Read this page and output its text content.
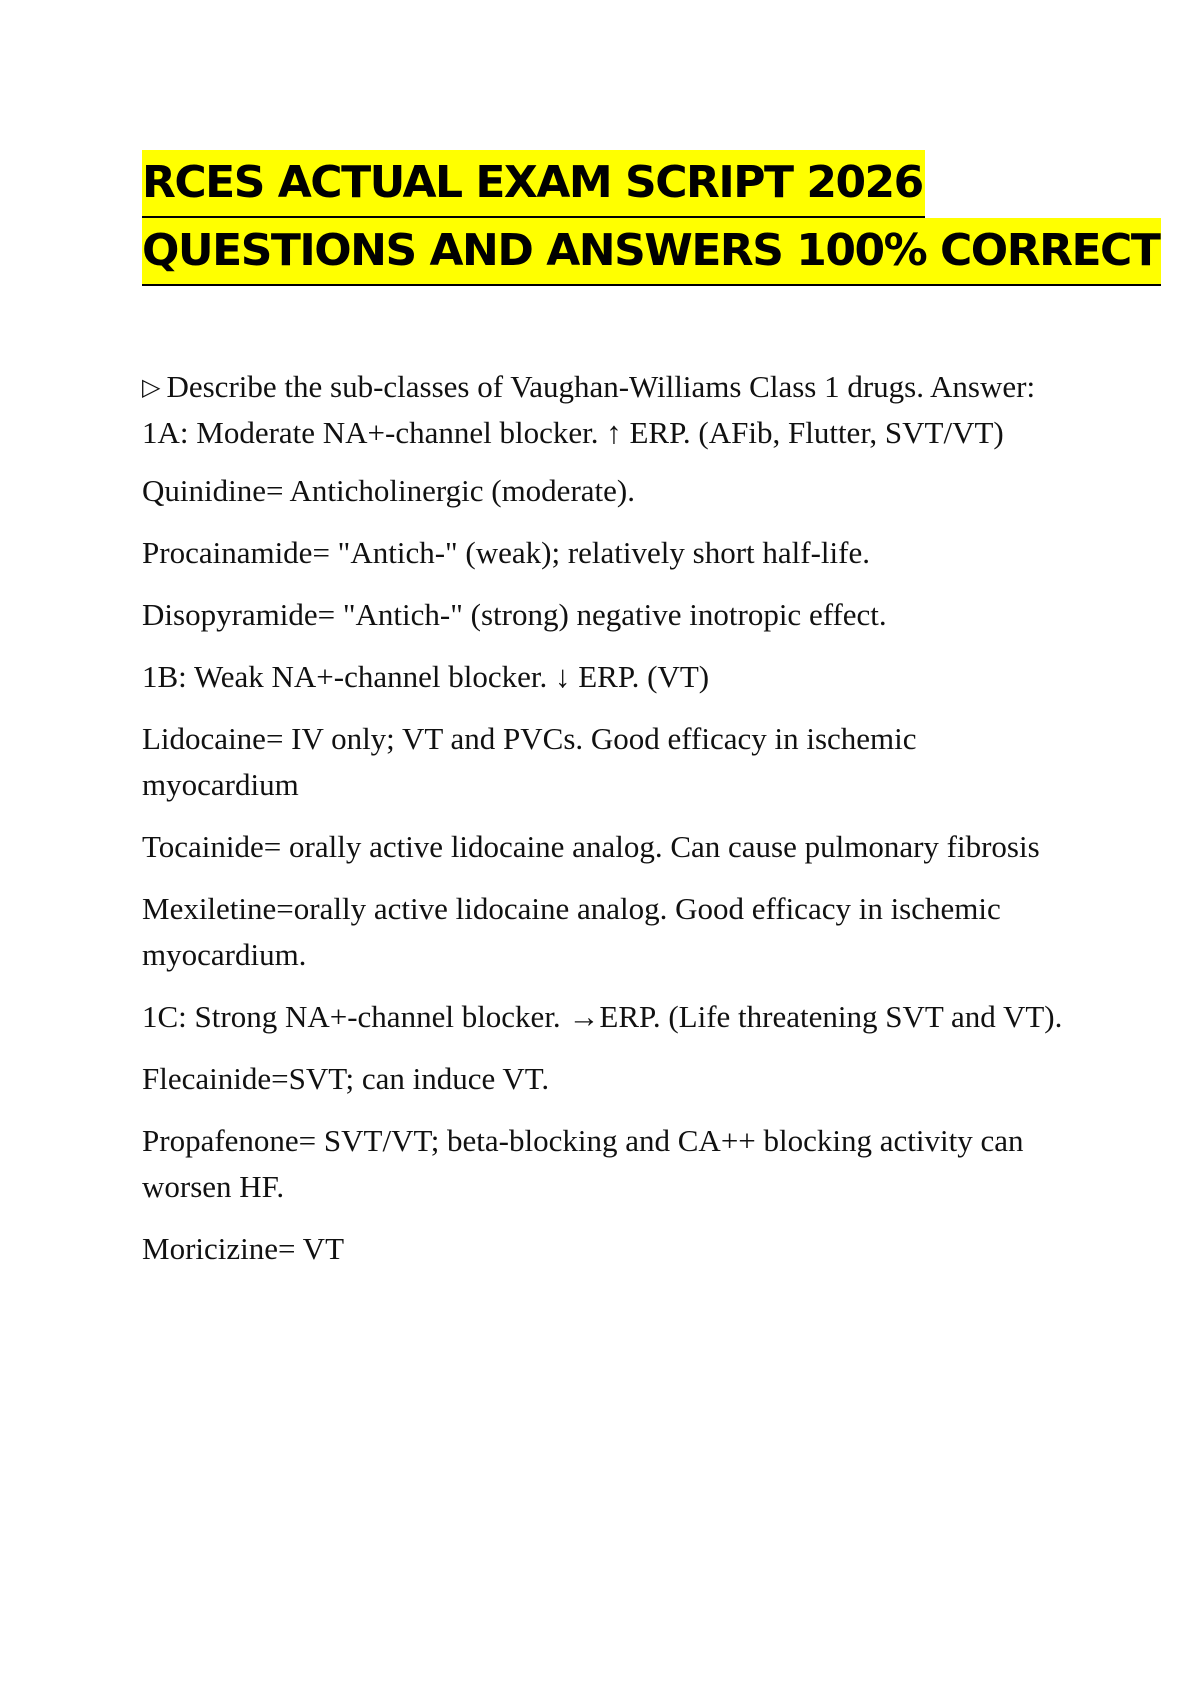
RCES ACTUAL EXAM SCRIPT 2026
QUESTIONS AND ANSWERS 100% CORRECT
▷ Describe the sub-classes of Vaughan-Williams Class 1 drugs. Answer:
1A: Moderate NA+-channel blocker. ↑ ERP. (AFib, Flutter, SVT/VT)
Quinidine= Anticholinergic (moderate).
Procainamide= "Antich-" (weak); relatively short half-life.
Disopyramide= "Antich-" (strong) negative inotropic effect.
1B: Weak NA+-channel blocker. ↓ ERP. (VT)
Lidocaine= IV only; VT and PVCs. Good efficacy in ischemic myocardium
Tocainide= orally active lidocaine analog. Can cause pulmonary fibrosis
Mexiletine=orally active lidocaine analog. Good efficacy in ischemic myocardium.
1C: Strong NA+-channel blocker. →ERP. (Life threatening SVT and VT).
Flecainide=SVT; can induce VT.
Propafenone= SVT/VT; beta-blocking and CA++ blocking activity can worsen HF.
Moricizine= VT
